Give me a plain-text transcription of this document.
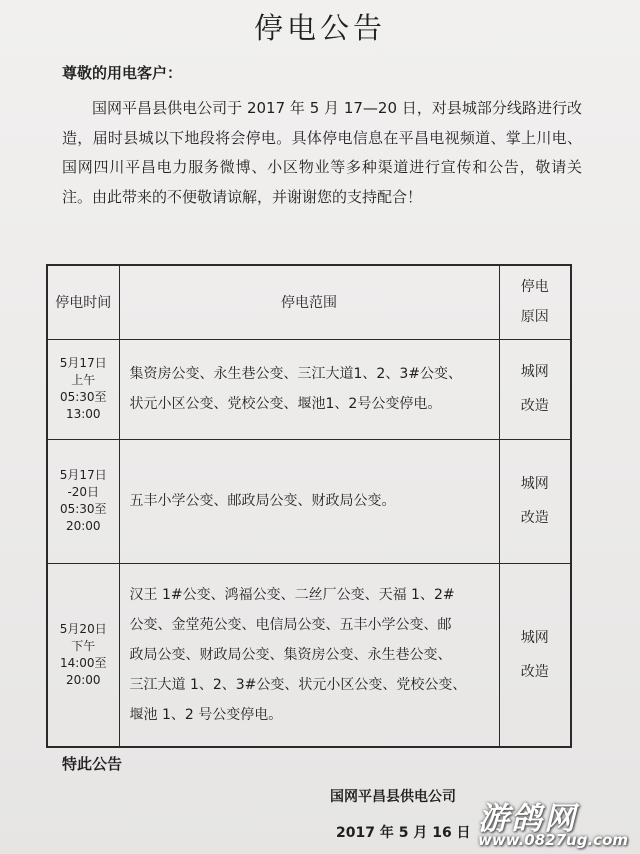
停电公告
尊敬的用电客户：
国网平昌县供电公司于 2017 年 5 月 17—20 日，对县城部分线路进行改造，届时县城以下地段将会停电。具体停电信息在平昌电视频道、掌上川电、国网四川平昌电力服务微博、小区物业等多种渠道进行宣传和公告，敬请关注。由此带来的不便敬请谅解，并谢谢您的支持配合！
停电时间	停电范围	停电
原因

5月17日
上午
05:30至
13:00	集资房公变、永生巷公变、三江大道1、2、3#公变、
状元小区公变、党校公变、堰池1、2号公变停电。	城网
改造

5月17日
-20日
05:30至
20:00	五丰小学公变、邮政局公变、财政局公变。	城网
改造

5月20日
下午
14:00至
20:00	汉王 1#公变、鸿福公变、二丝厂公变、天福 1、2#
公变、金堂苑公变、电信局公变、五丰小学公变、邮
政局公变、财政局公变、集资房公变、永生巷公变、
三江大道 1、2、3#公变、状元小区公变、党校公变、
堰池 1、2 号公变停电。	城网
改造
特此公告
国网平昌县供电公司
2017 年 5 月 16 日 游鸽网
www.0827ug.com
